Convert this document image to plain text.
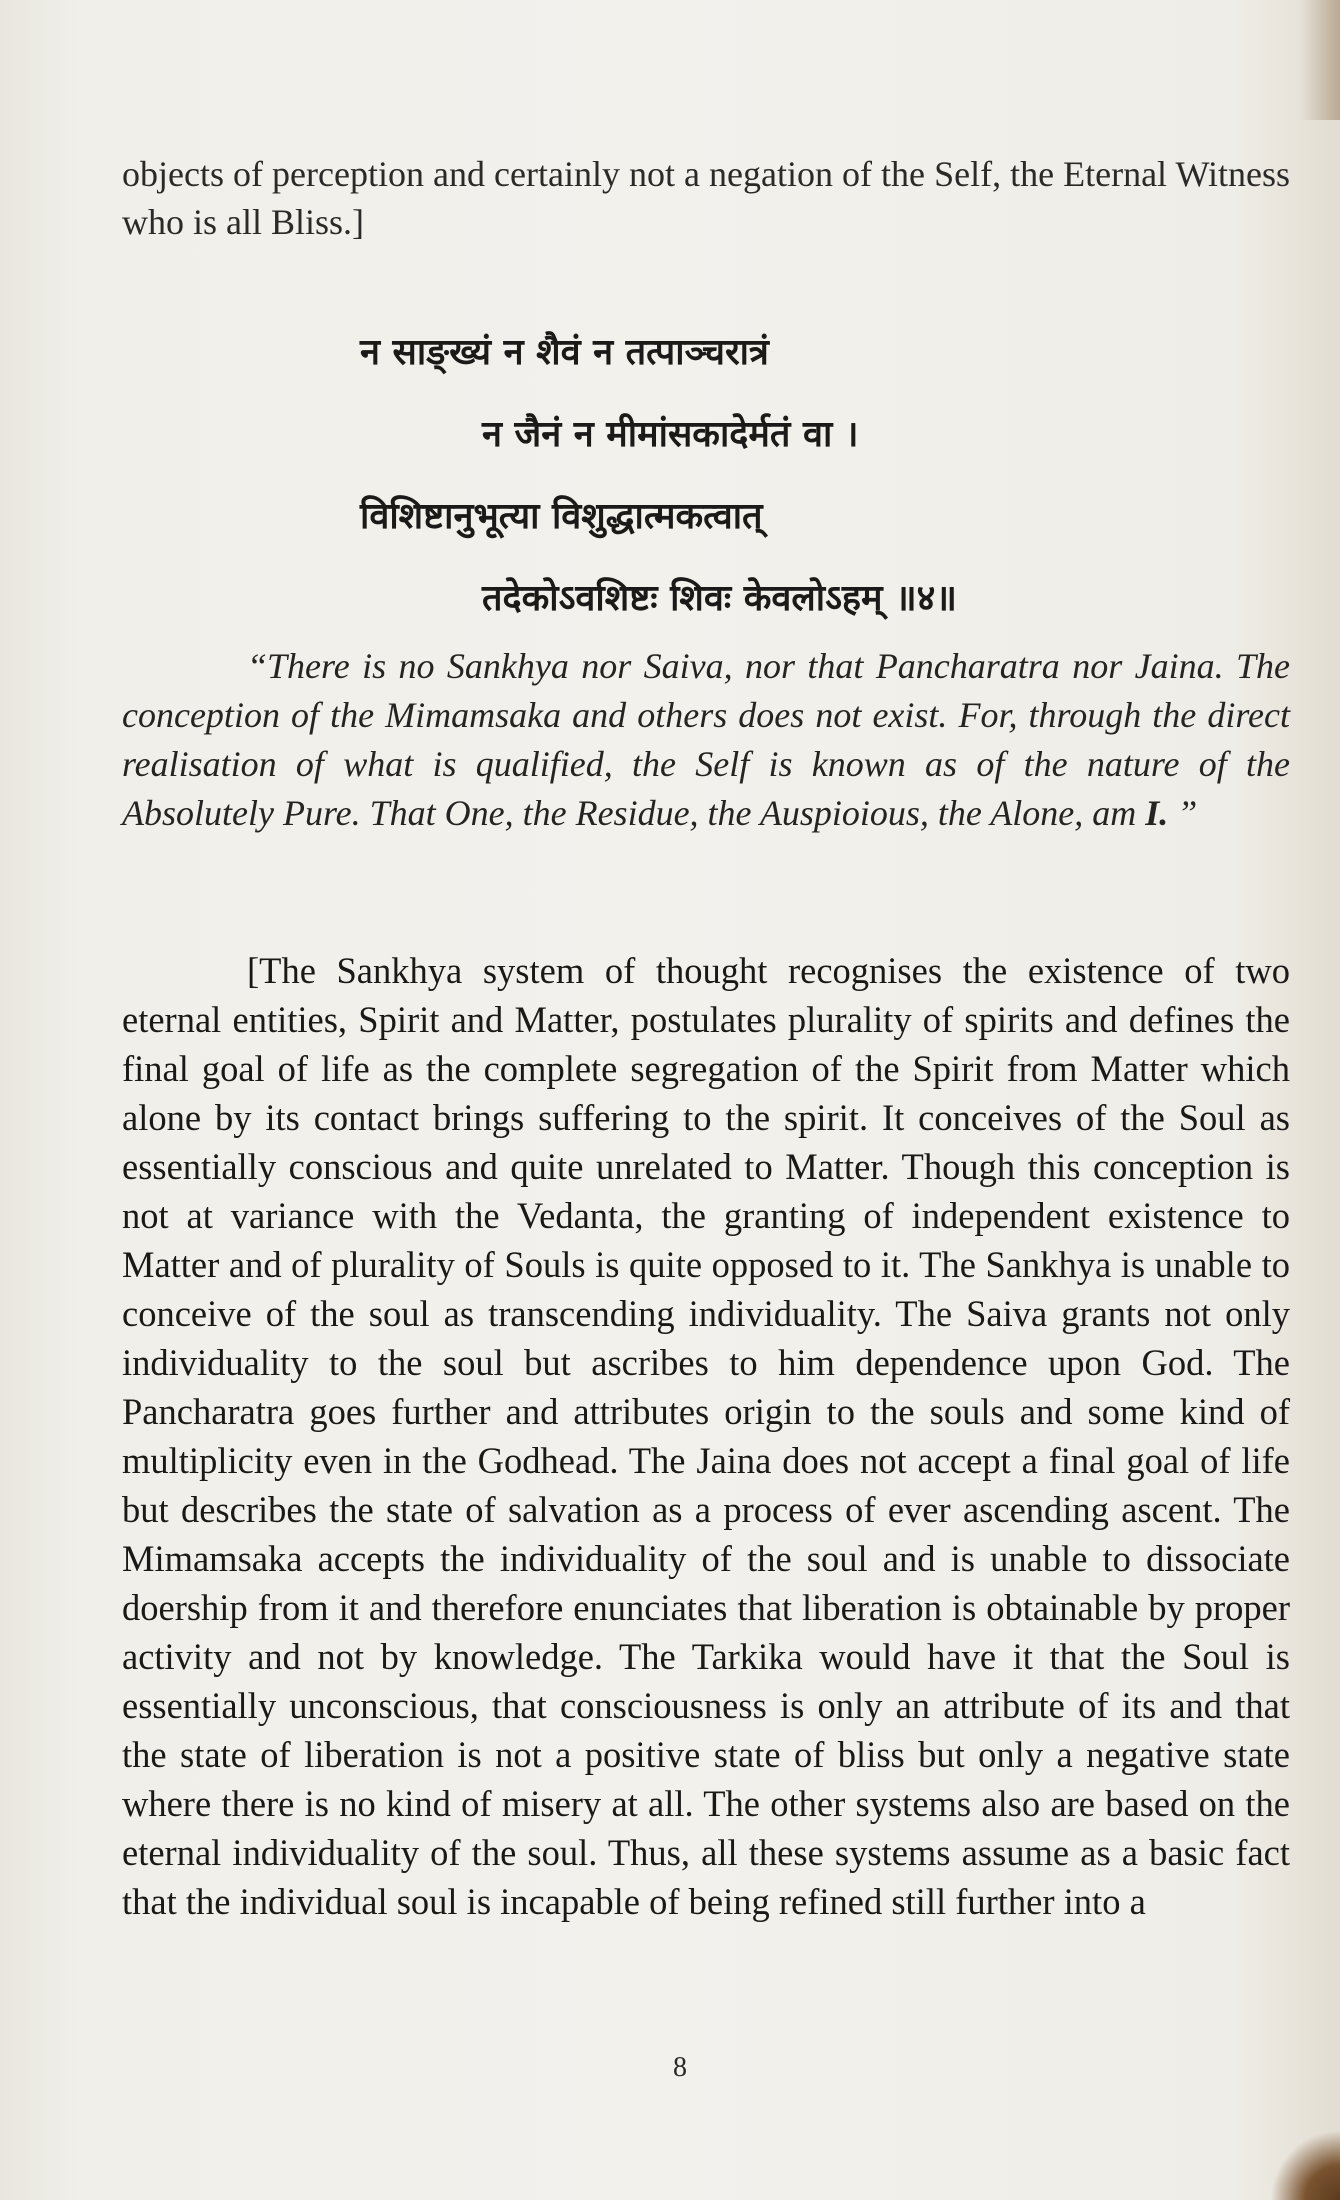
objects of perception and certainly not a negation of the Self, the Eternal Witness who is all Bliss.]

न साङ्ख्यं न शैवं न तत्पाञ्चरात्रं
न जैनं न मीमांसकादेर्मतं वा ।
विशिष्टानुभूत्या विशुद्धात्मकत्वात्
तदेकोऽवशिष्टः शिवः केवलोऽहम् ॥४॥

“There is no Sankhya nor Saiva, nor that Pancharatra nor Jaina. The conception of the Mimamsaka and others does not exist. For, through the direct realisation of what is qualified, the Self is known as of the nature of the Absolutely Pure. That One, the Residue, the Auspioious, the Alone, am I. ”

[The Sankhya system of thought recognises the existence of two eternal entities, Spirit and Matter, postulates plurality of spirits and defines the final goal of life as the complete segregation of the Spirit from Matter which alone by its contact brings suffering to the spirit. It conceives of the Soul as essentially conscious and quite unrelated to Matter. Though this conception is not at variance with the Vedanta, the granting of independent existence to Matter and of plurality of Souls is quite opposed to it. The Sankhya is unable to conceive of the soul as transcending individuality. The Saiva grants not only individuality to the soul but ascribes to him dependence upon God. The Pancharatra goes further and attributes origin to the souls and some kind of multiplicity even in the Godhead. The Jaina does not accept a final goal of life but describes the state of salvation as a process of ever ascending ascent. The Mimamsaka accepts the individuality of the soul and is unable to dissociate doership from it and therefore enunciates that liberation is obtainable by proper activity and not by knowledge. The Tarkika would have it that the Soul is essentially unconscious, that consciousness is only an attribute of its and that the state of liberation is not a positive state of bliss but only a negative state where there is no kind of misery at all. The other systems also are based on the eternal individuality of the soul. Thus, all these systems assume as a basic fact that the individual soul is incapable of being refined still further into a

8
